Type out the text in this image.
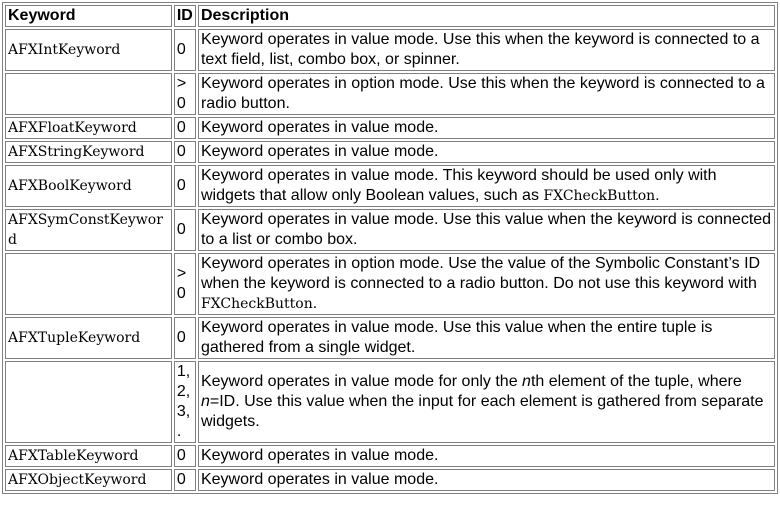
Keyword	ID	Description
AFXIntKeyword	0	Keyword operates in value mode. Use this when the keyword is connected to a text field, list, combo box, or spinner.
	>0	Keyword operates in option mode. Use this when the keyword is connected to a radio button.
AFXFloatKeyword	0	Keyword operates in value mode.
AFXStringKeyword	0	Keyword operates in value mode.
AFXBoolKeyword	0	Keyword operates in value mode. This keyword should be used only with widgets that allow only Boolean values, such as FXCheckButton.
AFXSymConstKeyword	0	Keyword operates in value mode. Use this value when the keyword is connected to a list or combo box.
	> 0	Keyword operates in option mode. Use the value of the Symbolic Constant’s ID when the keyword is connected to a radio button. Do not use this keyword with FXCheckButton.
AFXTupleKeyword	0	Keyword operates in value mode. Use this value when the entire tuple is gathered from a single widget.
	1, 2, 3,.	Keyword operates in value mode for only the nth element of the tuple, where n=ID. Use this value when the input for each element is gathered from separate widgets.
AFXTableKeyword	0	Keyword operates in value mode.
AFXObjectKeyword	0	Keyword operates in value mode.
